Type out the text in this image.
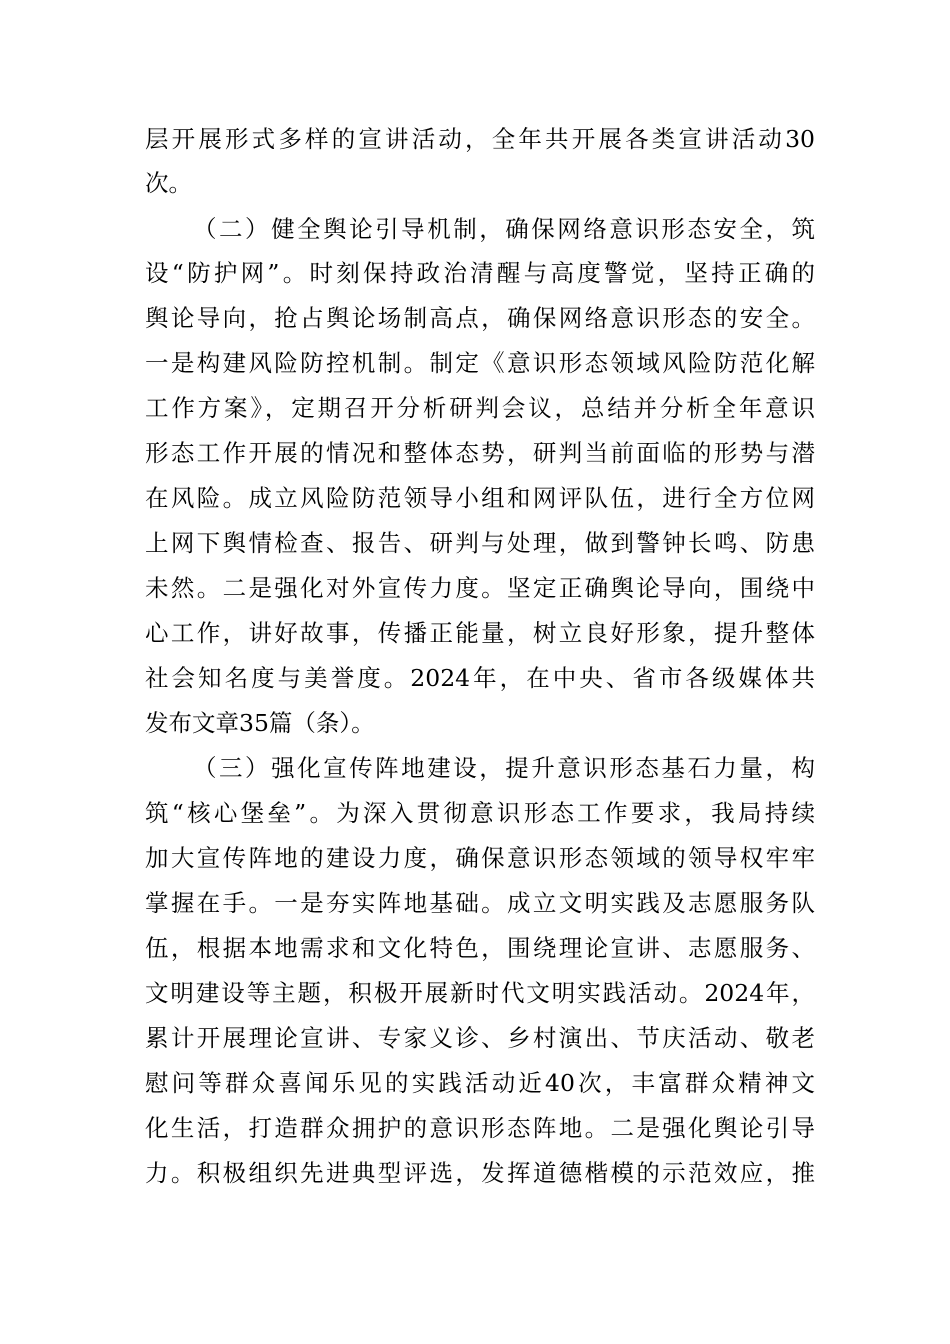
层开展形式多样的宣讲活动，全年共开展各类宣讲活动30
次。
（二）健全舆论引导机制，确保网络意识形态安全，筑
设“防护网”。时刻保持政治清醒与高度警觉，坚持正确的
舆论导向，抢占舆论场制高点，确保网络意识形态的安全。
一是构建风险防控机制。制定《意识形态领域风险防范化解
工作方案》，定期召开分析研判会议，总结并分析全年意识
形态工作开展的情况和整体态势，研判当前面临的形势与潜
在风险。成立风险防范领导小组和网评队伍，进行全方位网
上网下舆情检查、报告、研判与处理，做到警钟长鸣、防患
未然。二是强化对外宣传力度。坚定正确舆论导向，围绕中
心工作，讲好故事，传播正能量，树立良好形象，提升整体
社会知名度与美誉度。2024年，在中央、省市各级媒体共
发布文章35篇（条）。
（三）强化宣传阵地建设，提升意识形态基石力量，构
筑“核心堡垒”。为深入贯彻意识形态工作要求，我局持续
加大宣传阵地的建设力度，确保意识形态领域的领导权牢牢
掌握在手。一是夯实阵地基础。成立文明实践及志愿服务队
伍，根据本地需求和文化特色，围绕理论宣讲、志愿服务、
文明建设等主题，积极开展新时代文明实践活动。2024年，
累计开展理论宣讲、专家义诊、乡村演出、节庆活动、敬老
慰问等群众喜闻乐见的实践活动近40次，丰富群众精神文
化生活，打造群众拥护的意识形态阵地。二是强化舆论引导
力。积极组织先进典型评选，发挥道德楷模的示范效应，推
